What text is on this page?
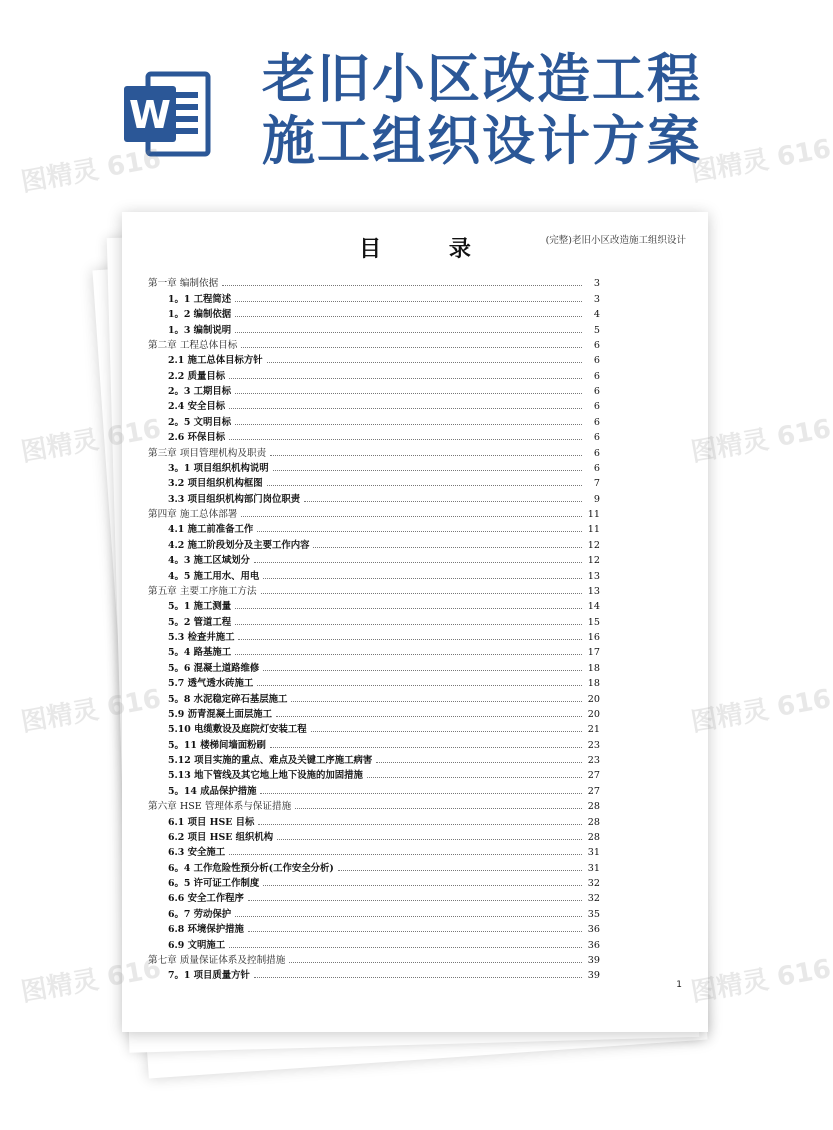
W
老旧小区改造工程
施工组织设计方案
(完整)老旧小区改造施工组织设计
目 录
第一章 编制依据	3
1。1 工程简述	3
1。2 编制依据	4
1。3 编制说明	5
第二章 工程总体目标	6
2.1 施工总体目标方针	6
2.2 质量目标	6
2。3 工期目标	6
2.4 安全目标	6
2。5 文明目标	6
2.6 环保目标	6
第三章 项目管理机构及职责	6
3。1 项目组织机构说明	6
3.2 项目组织机构框图	7
3.3 项目组织机构部门岗位职责	9
第四章 施工总体部署	11
4.1 施工前准备工作	11
4.2 施工阶段划分及主要工作内容	12
4。3 施工区域划分	12
4。5 施工用水、用电	13
第五章 主要工序施工方法	13
5。1 施工测量	14
5。2 管道工程	15
5.3 检查井施工	16
5。4 路基施工	17
5。6 混凝土道路维修	18
5.7 透气透水砖施工	18
5。8 水泥稳定碎石基层施工	20
5.9 沥青混凝土面层施工	20
5.10 电缆敷设及庭院灯安装工程	21
5。11 楼梯间墙面粉刷	23
5.12 项目实施的重点、难点及关键工序施工病害	23
5.13 地下管线及其它地上地下设施的加固措施	27
5。14 成品保护措施	27
第六章 HSE 管理体系与保证措施	28
6.1 项目 HSE 目标	28
6.2 项目 HSE 组织机构	28
6.3 安全施工	31
6。4 工作危险性预分析(工作安全分析)	31
6。5 许可证工作制度	32
6.6 安全工作程序	32
6。7 劳动保护	35
6.8 环境保护措施	36
6.9 文明施工	36
第七章 质量保证体系及控制措施	39
7。1 项目质量方针	39
1
图精灵 616	图精灵 616
图精灵 616	图精灵 616
图精灵 616	图精灵 616
图精灵 616	图精灵 616
